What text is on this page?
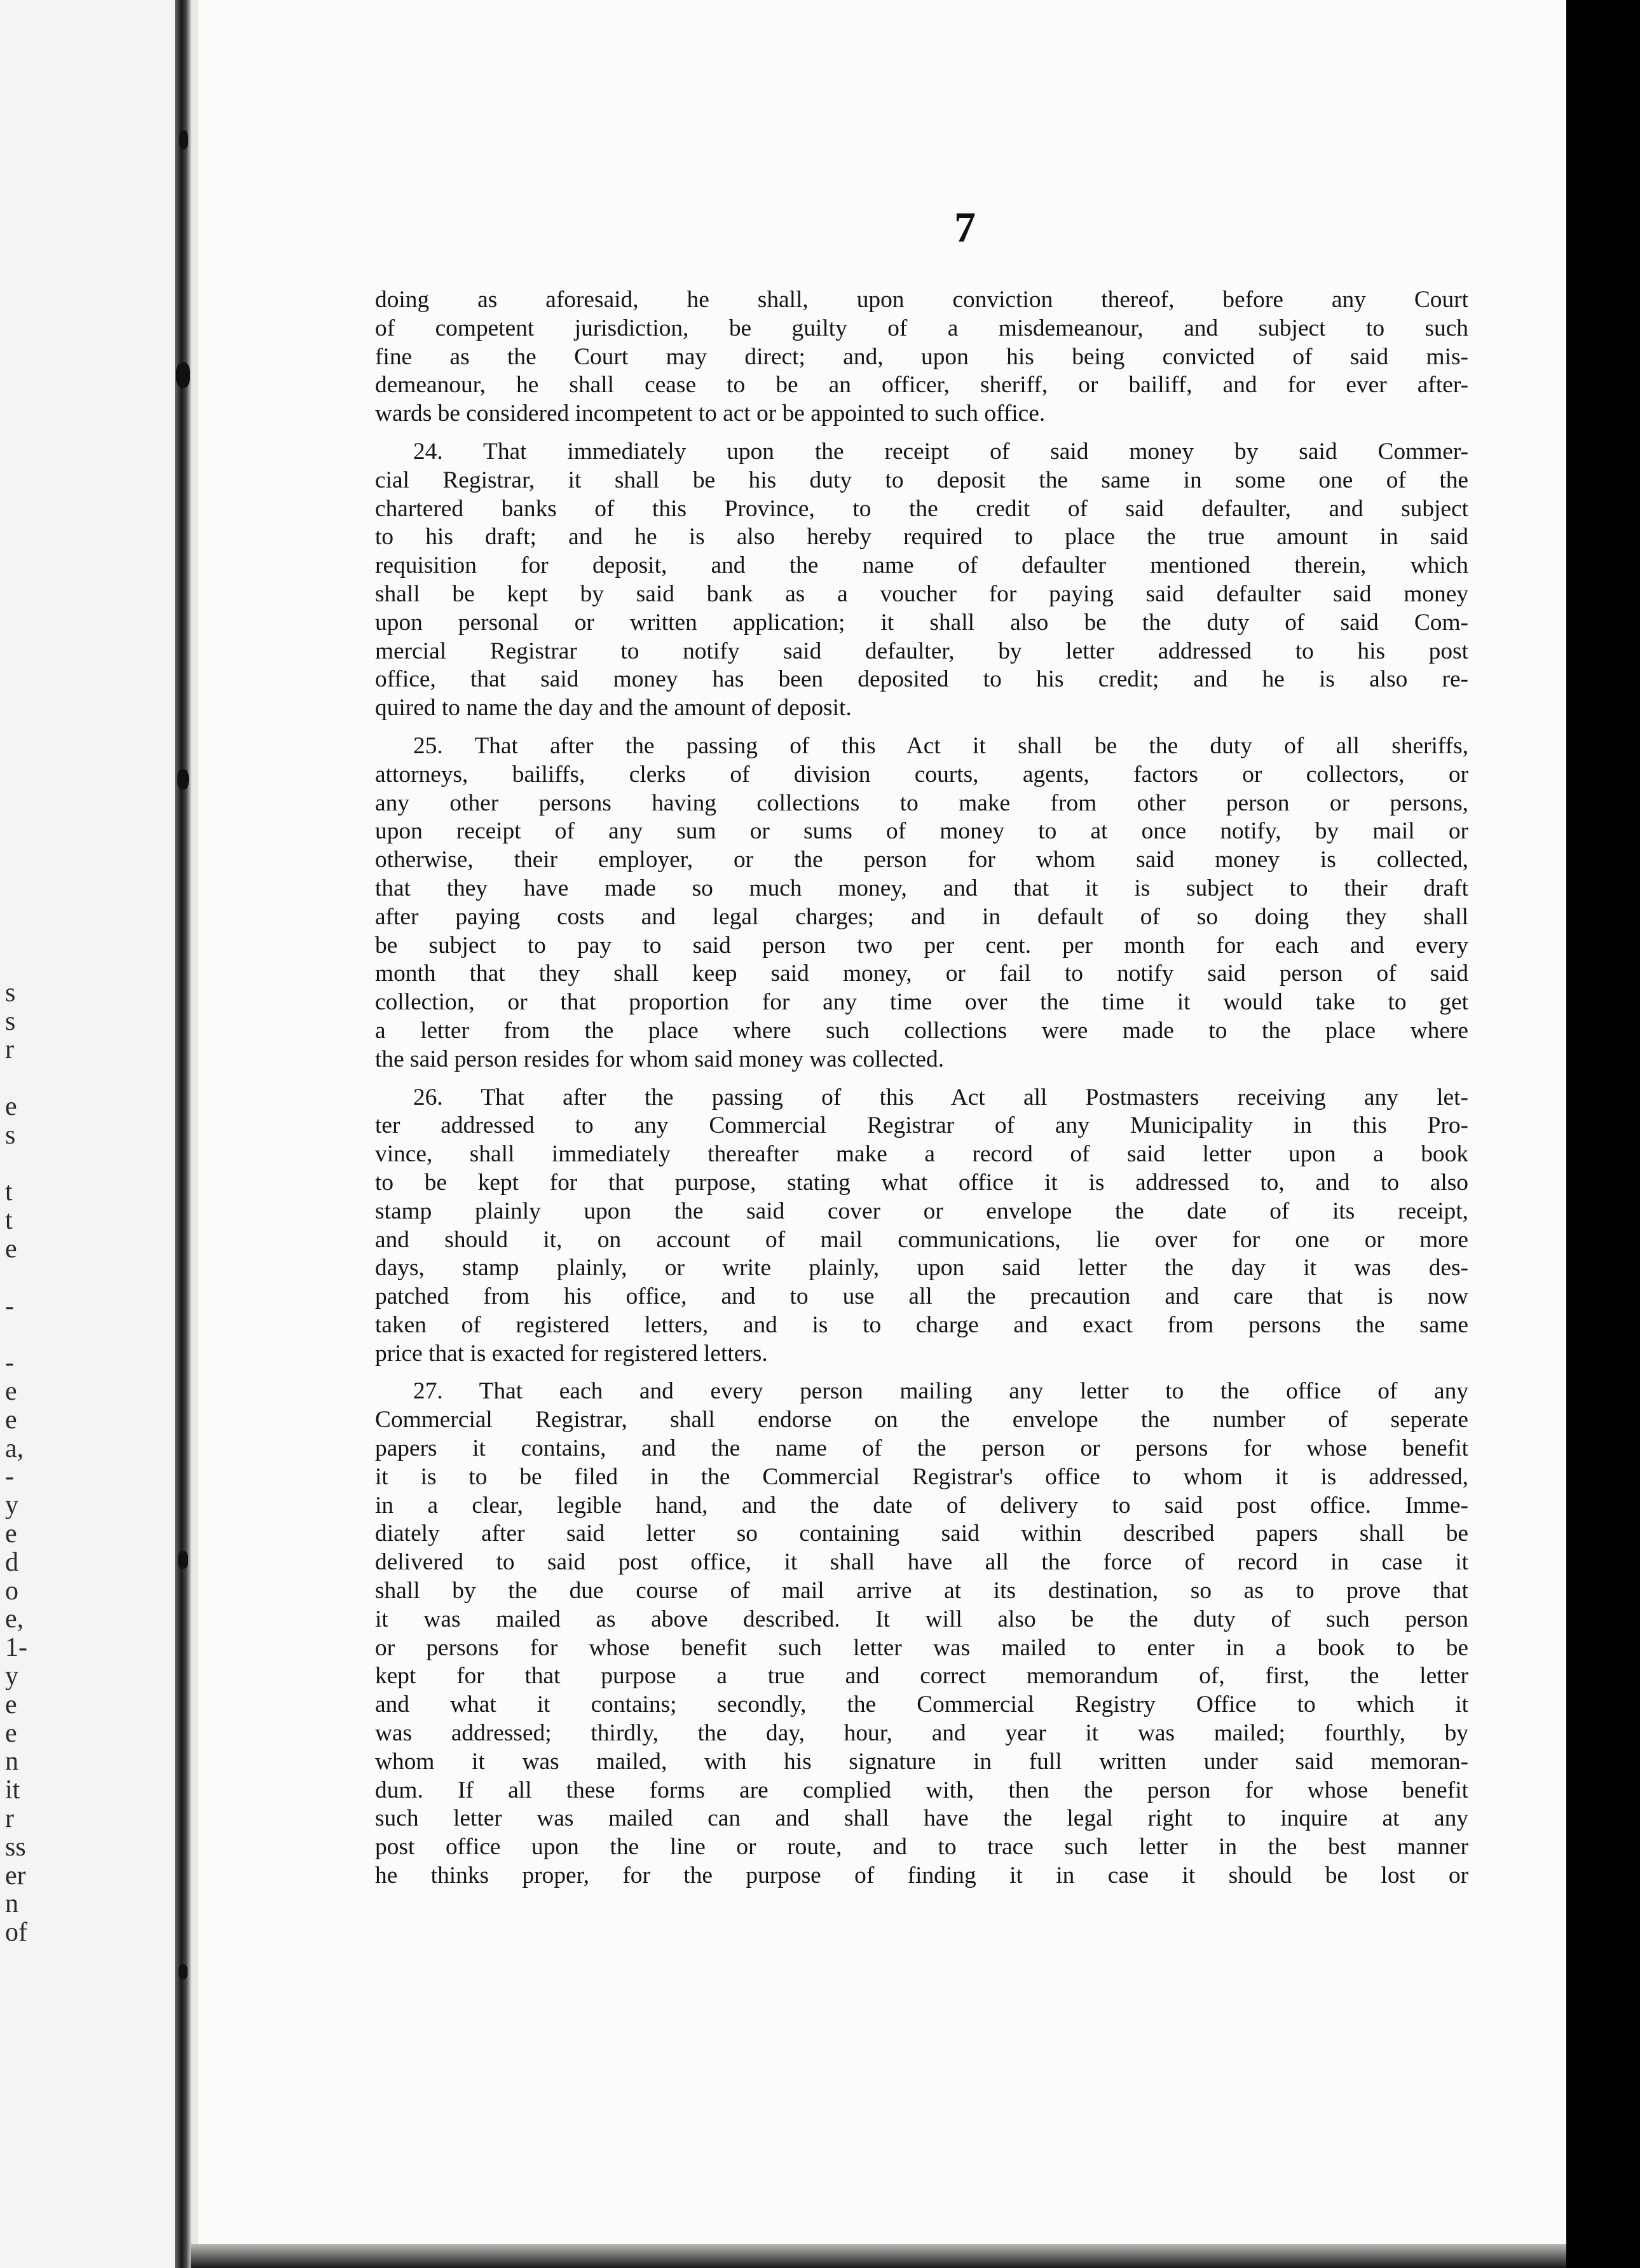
s
s
r
e
s
t
t
e
-
-
e
e
a,
-
y
e
d
o
e,
1-
y
e
e
n
it
r
ss
er
n
of
7
doing as aforesaid, he shall, upon conviction thereof, before any Court
of competent jurisdiction, be guilty of a misdemeanour, and subject to such
fine as the Court may direct; and, upon his being convicted of said mis-
demeanour, he shall cease to be an officer, sheriff, or bailiff, and for ever after-
wards be considered incompetent to act or be appointed to such office.
24. That immediately upon the receipt of said money by said Commer-
cial Registrar, it shall be his duty to deposit the same in some one of the
chartered banks of this Province, to the credit of said defaulter, and subject
to his draft; and he is also hereby required to place the true amount in said
requisition for deposit, and the name of defaulter mentioned therein, which
shall be kept by said bank as a voucher for paying said defaulter said money
upon personal or written application; it shall also be the duty of said Com-
mercial Registrar to notify said defaulter, by letter addressed to his post
office, that said money has been deposited to his credit; and he is also re-
quired to name the day and the amount of deposit.
25. That after the passing of this Act it shall be the duty of all sheriffs,
attorneys, bailiffs, clerks of division courts, agents, factors or collectors, or
any other persons having collections to make from other person or persons,
upon receipt of any sum or sums of money to at once notify, by mail or
otherwise, their employer, or the person for whom said money is collected,
that they have made so much money, and that it is subject to their draft
after paying costs and legal charges; and in default of so doing they shall
be subject to pay to said person two per cent. per month for each and every
month that they shall keep said money, or fail to notify said person of said
collection, or that proportion for any time over the time it would take to get
a letter from the place where such collections were made to the place where
the said person resides for whom said money was collected.
26. That after the passing of this Act all Postmasters receiving any let-
ter addressed to any Commercial Registrar of any Municipality in this Pro-
vince, shall immediately thereafter make a record of said letter upon a book
to be kept for that purpose, stating what office it is addressed to, and to also
stamp plainly upon the said cover or envelope the date of its receipt,
and should it, on account of mail communications, lie over for one or more
days, stamp plainly, or write plainly, upon said letter the day it was des-
patched from his office, and to use all the precaution and care that is now
taken of registered letters, and is to charge and exact from persons the same
price that is exacted for registered letters.
27. That each and every person mailing any letter to the office of any
Commercial Registrar, shall endorse on the envelope the number of seperate
papers it contains, and the name of the person or persons for whose benefit
it is to be filed in the Commercial Registrar's office to whom it is addressed,
in a clear, legible hand, and the date of delivery to said post office. Imme-
diately after said letter so containing said within described papers shall be
delivered to said post office, it shall have all the force of record in case it
shall by the due course of mail arrive at its destination, so as to prove that
it was mailed as above described. It will also be the duty of such person
or persons for whose benefit such letter was mailed to enter in a book to be
kept for that purpose a true and correct memorandum of, first, the letter
and what it contains; secondly, the Commercial Registry Office to which it
was addressed; thirdly, the day, hour, and year it was mailed; fourthly, by
whom it was mailed, with his signature in full written under said memoran-
dum. If all these forms are complied with, then the person for whose benefit
such letter was mailed can and shall have the legal right to inquire at any
post office upon the line or route, and to trace such letter in the best manner
he thinks proper, for the purpose of finding it in case it should be lost or
